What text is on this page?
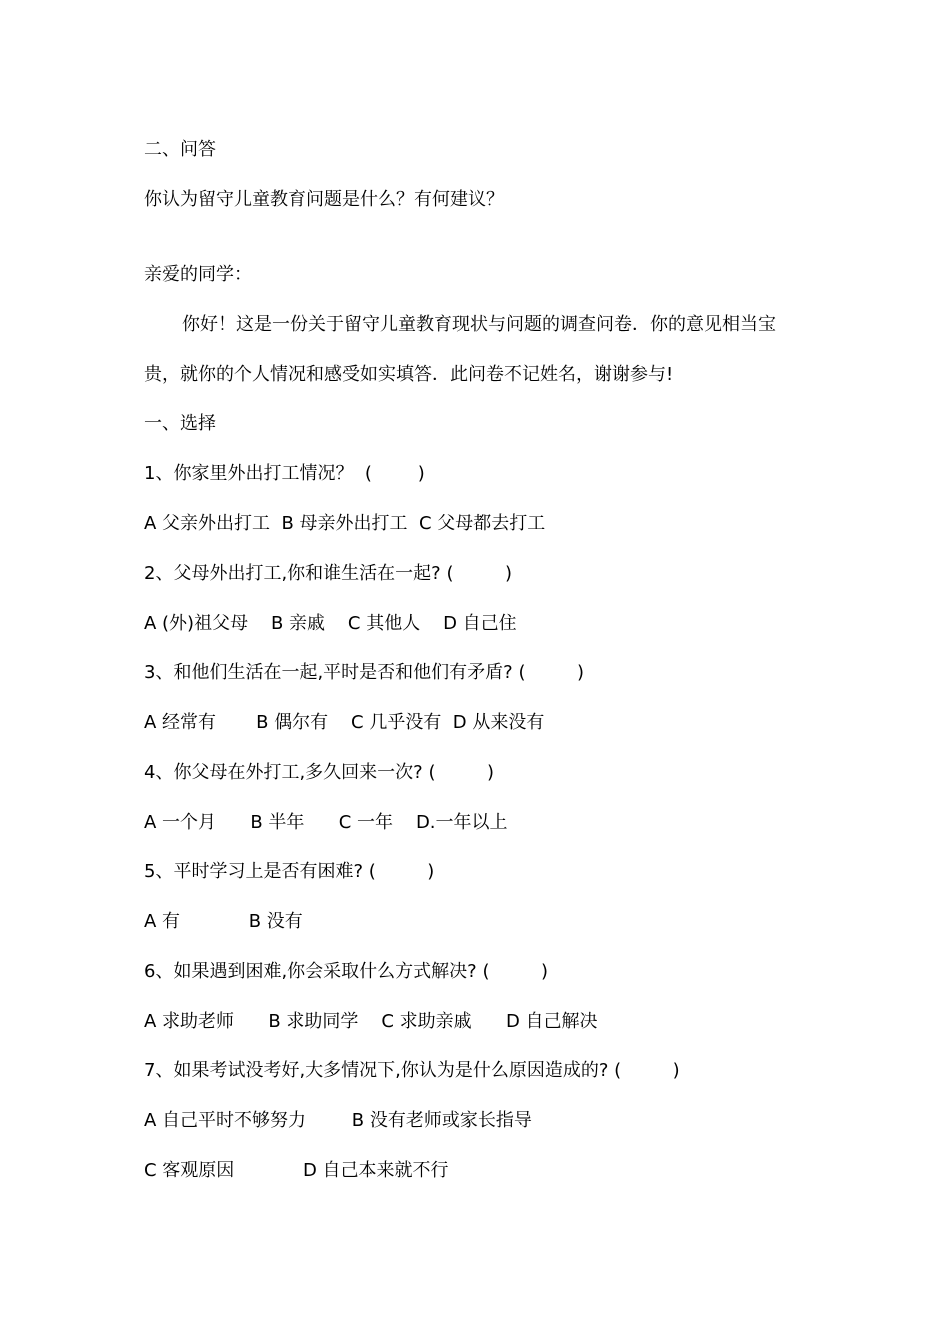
二、问答
你认为留守儿童教育问题是什么？有何建议？
亲爱的同学：
你好！这是一份关于留守儿童教育现状与问题的调查问卷．你的意见相当宝
贵，就你的个人情况和感受如实填答．此问卷不记姓名，谢谢参与!
一、选择
1、你家里外出打工情况？  (        )
A 父亲外出打工  B 母亲外出打工  C 父母都去打工
2、父母外出打工,你和谁生活在一起? (         )
A (外)祖父母    B 亲戚    C 其他人    D 自己住
3、和他们生活在一起,平时是否和他们有矛盾? (         )
A 经常有       B 偶尔有    C 几乎没有  D 从来没有
4、你父母在外打工,多久回来一次? (         )
A 一个月      B 半年      C 一年    D.一年以上
5、平时学习上是否有困难? (         )
A 有            B 没有
6、如果遇到困难,你会采取什么方式解决? (         )
A 求助老师      B 求助同学    C 求助亲戚      D 自己解决
7、如果考试没考好,大多情况下,你认为是什么原因造成的? (         )
A 自己平时不够努力        B 没有老师或家长指导
C 客观原因            D 自己本来就不行
